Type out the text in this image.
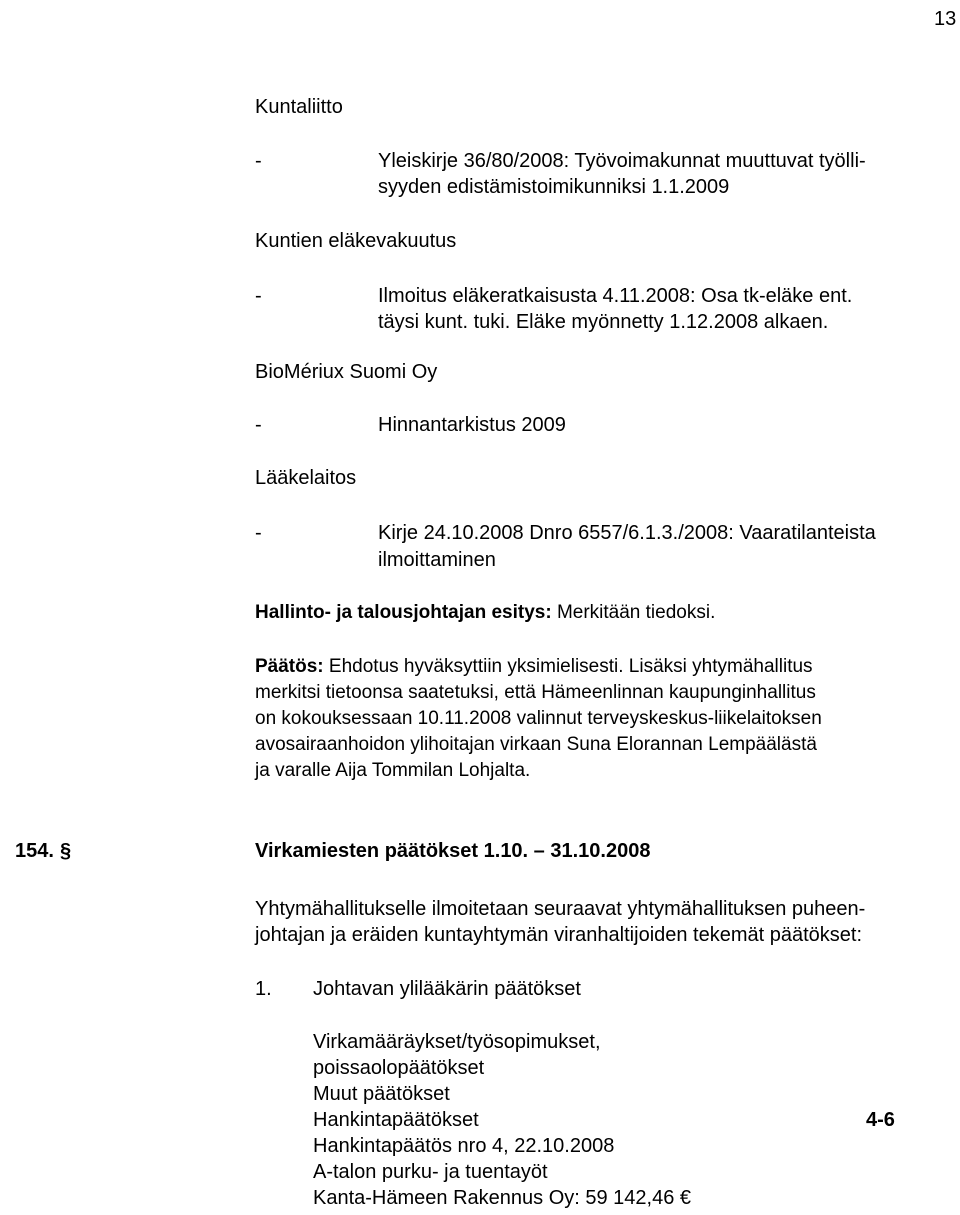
13
Kuntaliitto
-	Yleiskirje 36/80/2008: Työvoimakunnat muuttuvat työlli-
syyden edistämistoimikunniksi 1.1.2009
Kuntien eläkevakuutus
-	Ilmoitus eläkeratkaisusta 4.11.2008: Osa tk-eläke ent.
täysi kunt. tuki. Eläke myönnetty 1.12.2008 alkaen.
BioMériux Suomi Oy
-	Hinnantarkistus 2009
Lääkelaitos
-	Kirje 24.10.2008 Dnro 6557/6.1.3./2008: Vaaratilanteista
ilmoittaminen
Hallinto- ja talousjohtajan esitys: Merkitään tiedoksi.
Päätös: Ehdotus hyväksyttiin yksimielisesti. Lisäksi yhtymähallitus
merkitsi tietoonsa saatetuksi, että Hämeenlinnan kaupunginhallitus
on kokouksessaan 10.11.2008 valinnut terveyskeskus-liikelaitoksen
avosairaanhoidon ylihoitajan virkaan Suna Elorannan Lempäälästä
ja varalle Aija Tommilan Lohjalta.
154. §	Virkamiesten päätökset 1.10. – 31.10.2008
Yhtymähallitukselle ilmoitetaan seuraavat yhtymähallituksen puheen-
johtajan ja eräiden kuntayhtymän viranhaltijoiden tekemät päätökset:
1. Johtavan ylilääkärin päätökset
Virkamääräykset/työsopimukset,
poissaolopäätökset
Muut päätökset
Hankintapäätökset	4-6
Hankintapäätös nro 4, 22.10.2008
A-talon purku- ja tuentayöt
Kanta-Hämeen Rakennus Oy: 59 142,46 €
